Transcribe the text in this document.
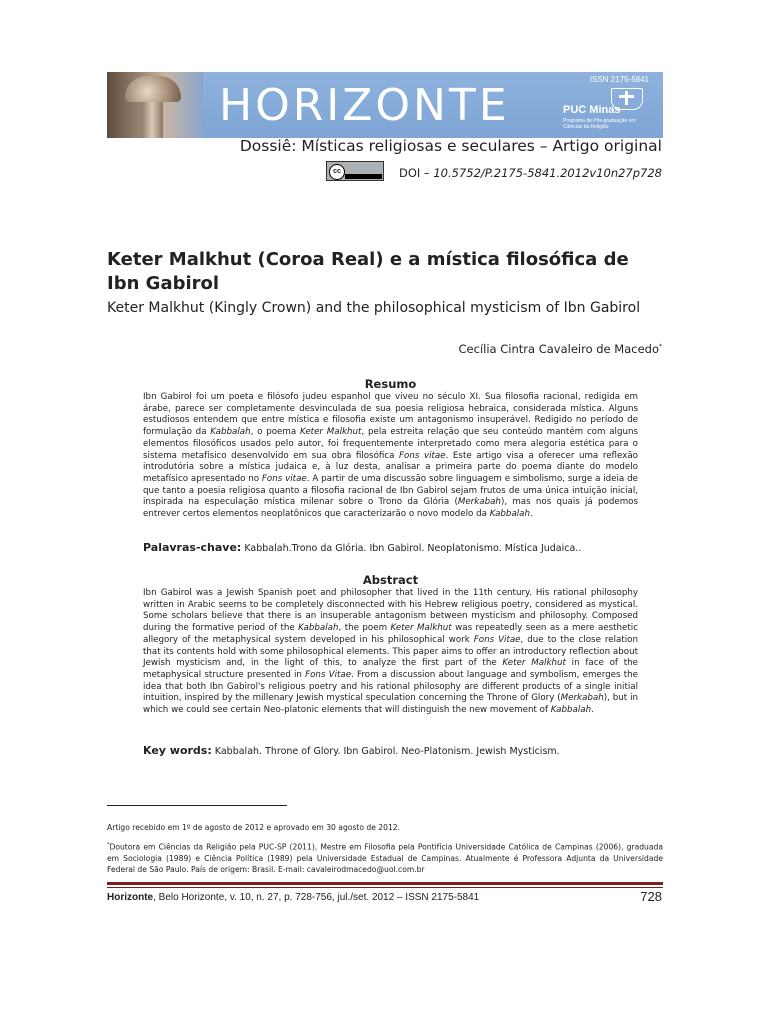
HORIZONTE
ISSN 2175-5841
PUC Minas
Programa de Pós-graduação em Ciências da Religião
Dossiê: Místicas religiosas e seculares – Artigo original
cc	DOI – 10.5752/P.2175-5841.2012v10n27p728
Keter Malkhut (Coroa Real) e a mística filosófica de Ibn Gabirol
Keter Malkhut (Kingly Crown) and the philosophical mysticism of Ibn Gabirol
Cecília Cintra Cavaleiro de Macedo*
Resumo
Ibn Gabirol foi um poeta e filósofo judeu espanhol que viveu no século XI. Sua filosofia racional, redigida em árabe, parece ser completamente desvinculada de sua poesia religiosa hebraica, considerada mística. Alguns estudiosos entendem que entre mística e filosofia existe um antagonismo insuperável. Redigido no período de formulação da Kabbalah, o poema Keter Malkhut, pela estreita relação que seu conteúdo mantém com alguns elementos filosóficos usados pelo autor, foi frequentemente interpretado como mera alegoria estética para o sistema metafísico desenvolvido em sua obra filosófica Fons vitae. Este artigo visa a oferecer uma reflexão introdutória sobre a mística judaica e, à luz desta, analisar a primeira parte do poema diante do modelo metafísico apresentado no Fons vitae. A partir de uma discussão sobre linguagem e simbolismo, surge a ideia de que tanto a poesia religiosa quanto a filosofia racional de Ibn Gabirol sejam frutos de uma única intuição inicial, inspirada na especulação mística milenar sobre o Trono da Glória (Merkabah), mas nos quais já podemos entrever certos elementos neoplatônicos que caracterizarão o novo modelo da Kabbalah.
Palavras-chave: Kabbalah.Trono da Glória. Ibn Gabirol. Neoplatonismo. Mística Judaica..
Abstract
Ibn Gabirol was a Jewish Spanish poet and philosopher that lived in the 11th century. His rational philosophy written in Arabic seems to be completely disconnected with his Hebrew religious poetry, considered as mystical. Some scholars believe that there is an insuperable antagonism between mysticism and philosophy. Composed during the formative period of the Kabbalah, the poem Keter Malkhut was repeatedly seen as a mere aesthetic allegory of the metaphysical system developed in his philosophical work Fons Vitae, due to the close relation that its contents hold with some philosophical elements. This paper aims to offer an introductory reflection about Jewish mysticism and, in the light of this, to analyze the first part of the Keter Malkhut in face of the metaphysical structure presented in Fons Vitae. From a discussion about language and symbolism, emerges the idea that both Ibn Gabirol's religious poetry and his rational philosophy are different products of a single initial intuition, inspired by the millenary Jewish mystical speculation concerning the Throne of Glory (Merkabah), but in which we could see certain Neo-platonic elements that will distinguish the new movement of Kabbalah.
Key words: Kabbalah. Throne of Glory. Ibn Gabirol. Neo-Platonism. Jewish Mysticism.
Artigo recebido em 1º de agosto de 2012 e aprovado em 30 agosto de 2012.
*Doutora em Ciências da Religião pela PUC-SP (2011), Mestre em Filosofia pela Pontifícia Universidade Católica de Campinas (2006), graduada em Sociologia (1989) e Ciência Política (1989) pela Universidade Estadual de Campinas. Atualmente é Professora Adjunta da Universidade Federal de São Paulo. País de origem: Brasil. E-mail: cavaleirodmacedo@uol.com.br
Horizonte, Belo Horizonte, v. 10, n. 27, p. 728-756, jul./set. 2012 – ISSN 2175-5841	728
